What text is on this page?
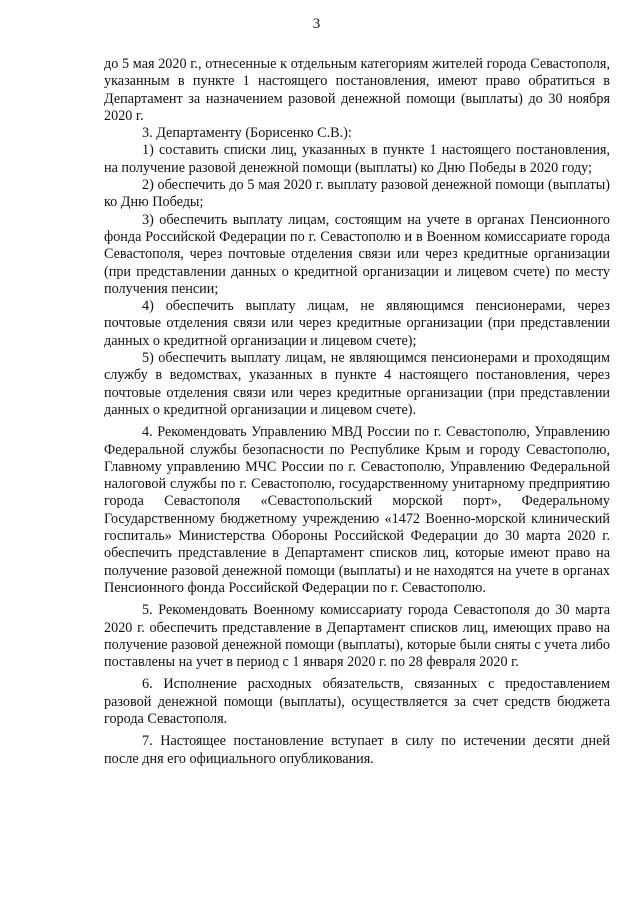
3

до 5 мая 2020 г., отнесенные к отдельным категориям жителей города Севастополя, указанным в пункте 1 настоящего постановления, имеют право обратиться в Департамент за назначением разовой денежной помощи (выплаты) до 30 ноября 2020 г.

3. Департаменту (Борисенко С.В.):

1) составить списки лиц, указанных в пункте 1 настоящего постановления, на получение разовой денежной помощи (выплаты) ко Дню Победы в 2020 году;

2) обеспечить до 5 мая 2020 г. выплату разовой денежной помощи (выплаты) ко Дню Победы;

3) обеспечить выплату лицам, состоящим на учете в органах Пенсионного фонда Российской Федерации по г. Севастополю и в Военном комиссариате города Севастополя, через почтовые отделения связи или через кредитные организации (при представлении данных о кредитной организации и лицевом счете) по месту получения пенсии;

4) обеспечить выплату лицам, не являющимся пенсионерами, через почтовые отделения связи или через кредитные организации (при представлении данных о кредитной организации и лицевом счете);

5) обеспечить выплату лицам, не являющимся пенсионерами и проходящим службу в ведомствах, указанных в пункте 4 настоящего постановления, через почтовые отделения связи или через кредитные организации (при представлении данных о кредитной организации и лицевом счете).

4. Рекомендовать Управлению МВД России по г. Севастополю, Управлению Федеральной службы безопасности по Республике Крым и городу Севастополю, Главному управлению МЧС России по г. Севастополю, Управлению Федеральной налоговой службы по г. Севастополю, государственному унитарному предприятию города Севастополя «Севастопольский морской порт», Федеральному Государственному бюджетному учреждению «1472 Военно-морской клинический госпиталь» Министерства Обороны Российской Федерации до 30 марта 2020 г. обеспечить представление в Департамент списков лиц, которые имеют право на получение разовой денежной помощи (выплаты) и не находятся на учете в органах Пенсионного фонда Российской Федерации по г. Севастополю.

5. Рекомендовать Военному комиссариату города Севастополя до 30 марта 2020 г. обеспечить представление в Департамент списков лиц, имеющих право на получение разовой денежной помощи (выплаты), которые были сняты с учета либо поставлены на учет в период с 1 января 2020 г. по 28 февраля 2020 г.

6. Исполнение расходных обязательств, связанных с предоставлением разовой денежной помощи (выплаты), осуществляется за счет средств бюджета города Севастополя.

7. Настоящее постановление вступает в силу по истечении десяти дней после дня его официального опубликования.
